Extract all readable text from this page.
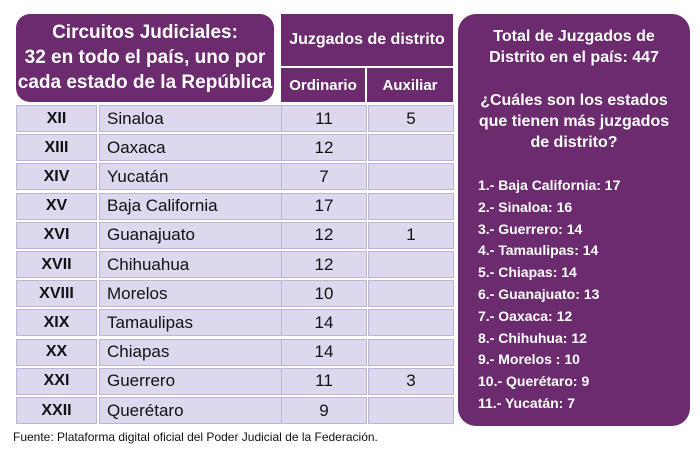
Circuitos Judiciales:
32 en todo el país, uno por
cada estado de la República
Juzgados de distrito
Ordinario	Auxiliar
XII	Sinaloa	11	5
XIII	Oaxaca	12
XIV	Yucatán	7
XV	Baja California	17
XVI	Guanajuato	12	1
XVII	Chihuahua	12
XVIII	Morelos	10
XIX	Tamaulipas	14
XX	Chiapas	14
XXI	Guerrero	11	3
XXII	Querétaro	9
Total de Juzgados de Distrito en el país: 447
¿Cuáles son los estados que tienen más juzgados de distrito?
1.- Baja California: 17
2.- Sinaloa: 16
3.- Guerrero: 14
4.- Tamaulipas: 14
5.- Chiapas: 14
6.- Guanajuato: 13
7.- Oaxaca: 12
8.- Chihuhua: 12
9.- Morelos : 10
10.- Querétaro: 9
11.- Yucatán: 7
Fuente: Plataforma digital oficial del Poder Judicial de la Federación.
